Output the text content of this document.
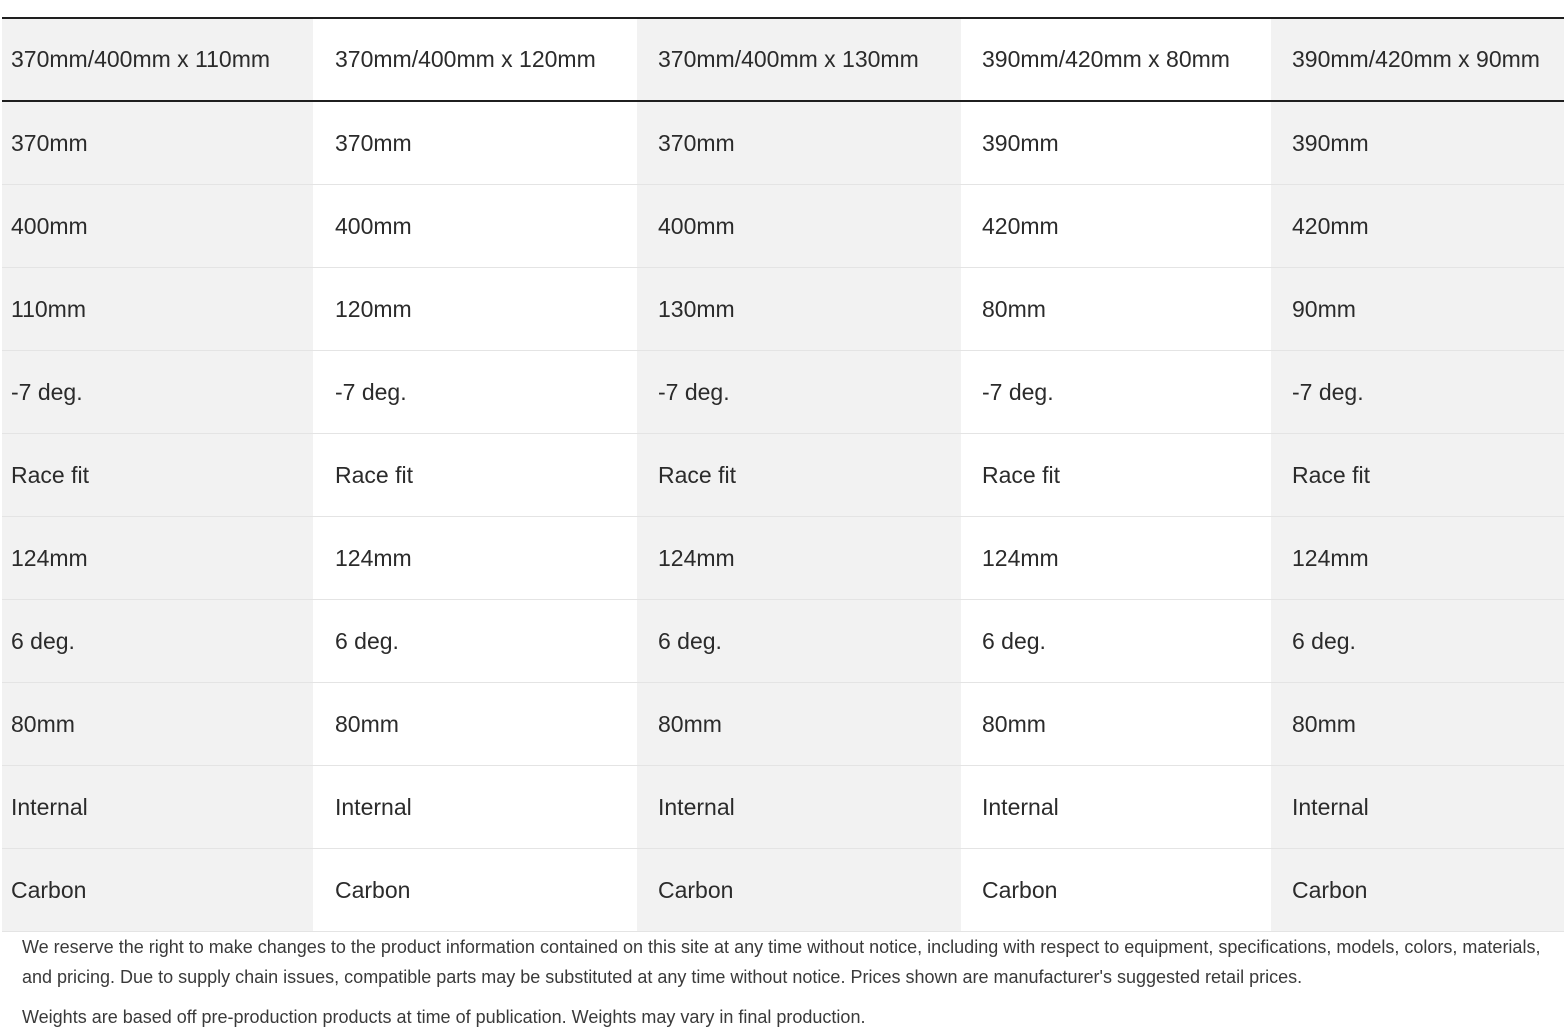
370mm/400mm x 110mm	370mm/400mm x 120mm	370mm/400mm x 130mm	390mm/420mm x 80mm	390mm/420mm x 90mm
370mm	370mm	370mm	390mm	390mm
400mm	400mm	400mm	420mm	420mm
110mm	120mm	130mm	80mm	90mm
-7 deg.	-7 deg.	-7 deg.	-7 deg.	-7 deg.
Race fit	Race fit	Race fit	Race fit	Race fit
124mm	124mm	124mm	124mm	124mm
6 deg.	6 deg.	6 deg.	6 deg.	6 deg.
80mm	80mm	80mm	80mm	80mm
Internal	Internal	Internal	Internal	Internal
Carbon	Carbon	Carbon	Carbon	Carbon

We reserve the right to make changes to the product information contained on this site at any time without notice, including with respect to equipment, specifications, models, colors, materials, and pricing. Due to supply chain issues, compatible parts may be substituted at any time without notice. Prices shown are manufacturer's suggested retail prices.

Weights are based off pre-production products at time of publication. Weights may vary in final production.
